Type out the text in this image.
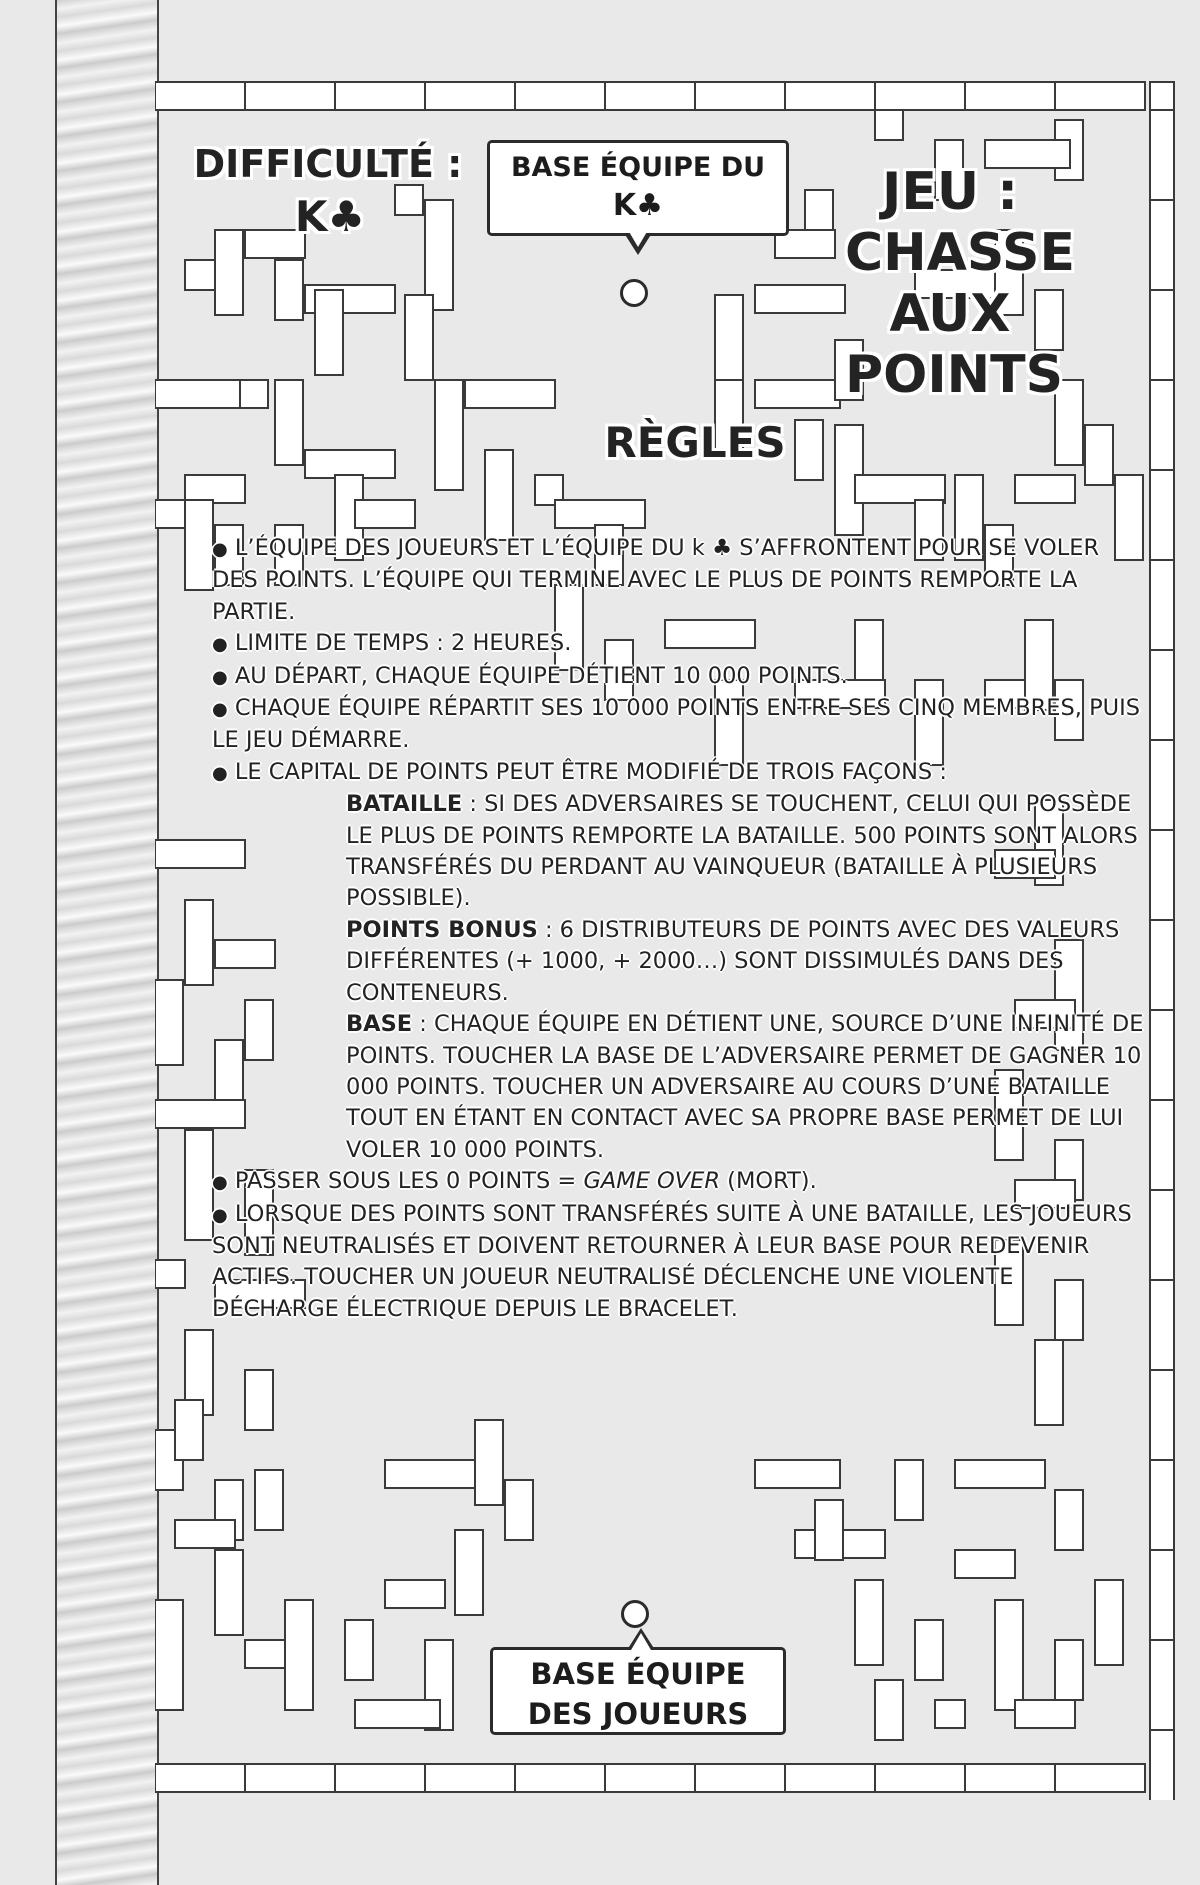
DIFFICULTÉ :
K♣
BASE ÉQUIPE DU
K♣	JEU :
CHASSE
AUX
POINTS
RÈGLES

● L’ÉQUIPE DES JOUEURS ET L’ÉQUIPE DU k ♣ S’AFFRONTENT POUR SE VOLER DES POINTS. L’ÉQUIPE QUI TERMINE AVEC LE PLUS DE POINTS REMPORTE LA PARTIE.

● LIMITE DE TEMPS : 2 HEURES.

● AU DÉPART, CHAQUE ÉQUIPE DÉTIENT 10 000 POINTS.

● CHAQUE ÉQUIPE RÉPARTIT SES 10 000 POINTS ENTRE SES CINQ MEMBRES, PUIS LE JEU DÉMARRE.

● LE CAPITAL DE POINTS PEUT ÊTRE MODIFIÉ DE TROIS FAÇONS :

BATAILLE : SI DES ADVERSAIRES SE TOUCHENT, CELUI QUI POSSÈDE LE PLUS DE POINTS REMPORTE LA BATAILLE. 500 POINTS SONT ALORS TRANSFÉRÉS DU PERDANT AU VAINQUEUR (BATAILLE À PLUSIEURS POSSIBLE).

POINTS BONUS : 6 DISTRIBUTEURS DE POINTS AVEC DES VALEURS DIFFÉRENTES (+ 1000, + 2000…) SONT DISSIMULÉS DANS DES CONTENEURS.

BASE : CHAQUE ÉQUIPE EN DÉTIENT UNE, SOURCE D’UNE INFINITÉ DE POINTS. TOUCHER LA BASE DE L’ADVERSAIRE PERMET DE GAGNER 10 000 POINTS. TOUCHER UN ADVERSAIRE AU COURS D’UNE BATAILLE TOUT EN ÉTANT EN CONTACT AVEC SA PROPRE BASE PERMET DE LUI VOLER 10 000 POINTS.

● PASSER SOUS LES 0 POINTS = GAME OVER (MORT).

● LORSQUE DES POINTS SONT TRANSFÉRÉS SUITE À UNE BATAILLE, LES JOUEURS SONT NEUTRALISÉS ET DOIVENT RETOURNER À LEUR BASE POUR REDEVENIR ACTIFS. TOUCHER UN JOUEUR NEUTRALISÉ DÉCLENCHE UNE VIOLENTE DÉCHARGE ÉLECTRIQUE DEPUIS LE BRACELET.

BASE ÉQUIPE
DES JOUEURS
